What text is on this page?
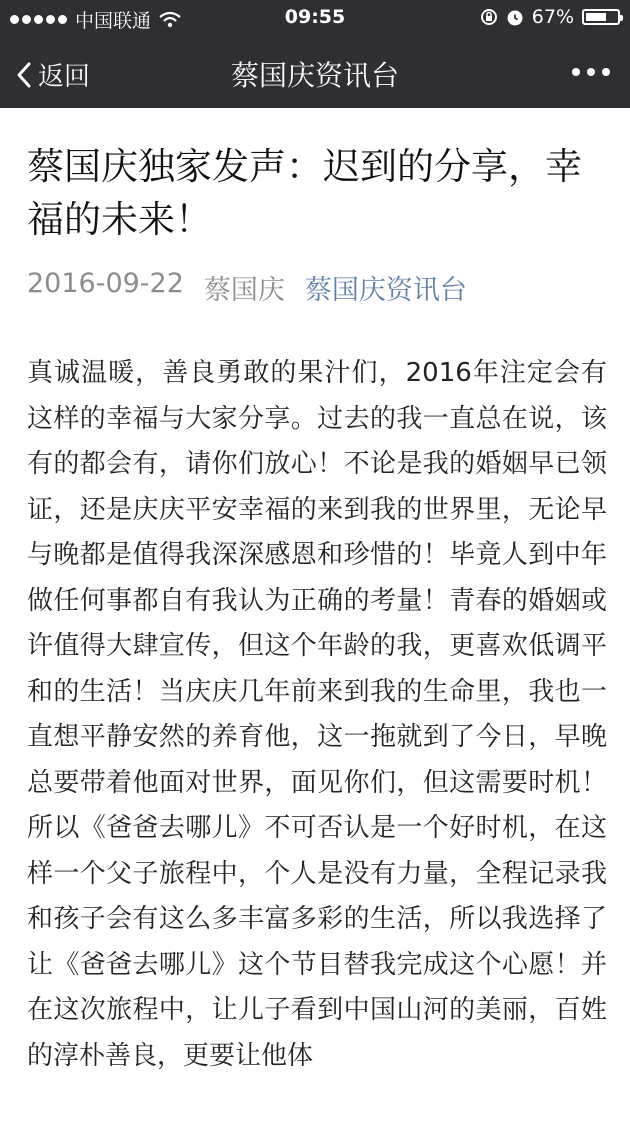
中国联通	09:55	67%
返回	蔡国庆资讯台
蔡国庆独家发声：迟到的分享，幸福的未来！
2016-09-22 蔡国庆 蔡国庆资讯台
真诚温暖，善良勇敢的果汁们，2016年注定会有这样的幸福与大家分享。过去的我一直总在说，该有的都会有，请你们放心！不论是我的婚姻早已领证，还是庆庆平安幸福的来到我的世界里，无论早与晚都是值得我深深感恩和珍惜的！毕竟人到中年做任何事都自有我认为正确的考量！青春的婚姻或许值得大肆宣传，但这个年龄的我，更喜欢低调平和的生活！当庆庆几年前来到我的生命里，我也一直想平静安然的养育他，这一拖就到了今日，早晚总要带着他面对世界，面见你们，但这需要时机！所以《爸爸去哪儿》不可否认是一个好时机，在这样一个父子旅程中，个人是没有力量，全程记录我和孩子会有这么多丰富多彩的生活，所以我选择了让《爸爸去哪儿》这个节目替我完成这个心愿！并在这次旅程中，让儿子看到中国山河的美丽，百姓的淳朴善良，更要让他体
